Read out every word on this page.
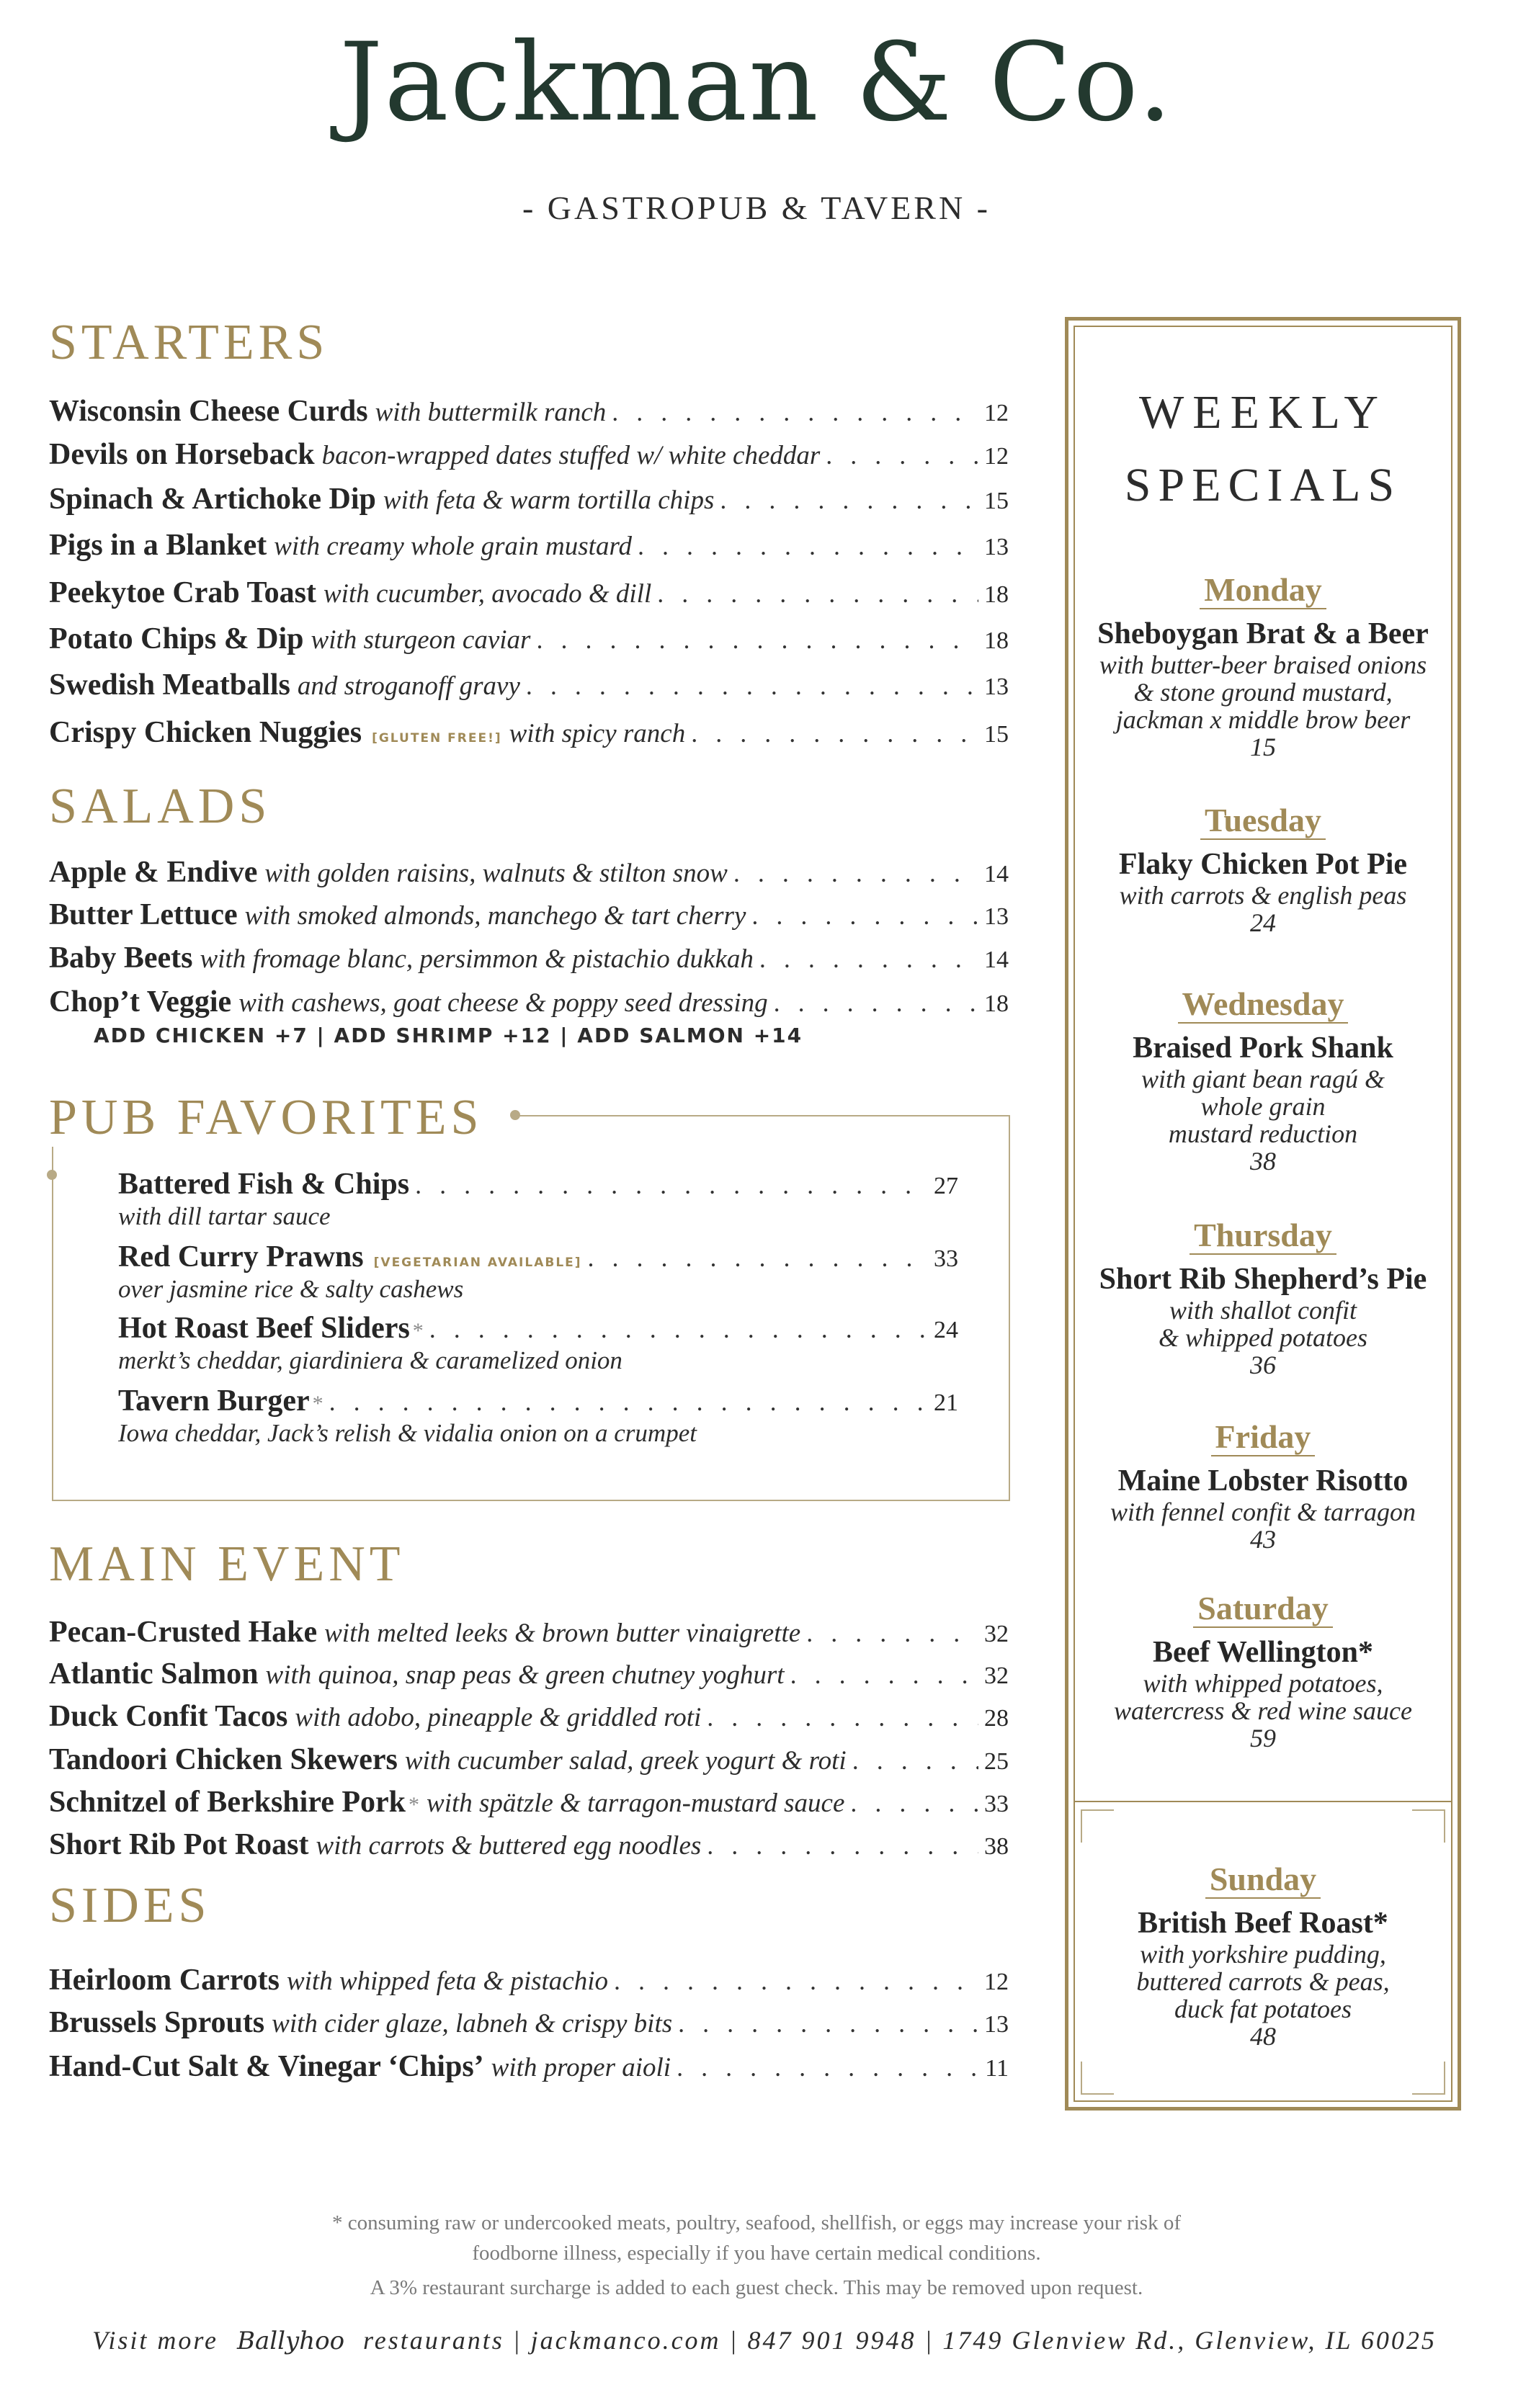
Jackman & Co.
- GASTROPUB & TAVERN -
STARTERS
Wisconsin Cheese Curds with buttermilk ranch . . .	12
Devils on Horseback bacon-wrapped dates stuffed w/ white cheddar . . .	12
Spinach & Artichoke Dip with feta & warm tortilla chips . . .	15
Pigs in a Blanket with creamy whole grain mustard . . .	13
Peekytoe Crab Toast with cucumber, avocado & dill . . .	18
Potato Chips & Dip with sturgeon caviar . . .	18
Swedish Meatballs and stroganoff gravy . . .	13
Crispy Chicken Nuggies [GLUTEN FREE!] with spicy ranch . . .	15
SALADS
Apple & Endive with golden raisins, walnuts & stilton snow . . .	14
Butter Lettuce with smoked almonds, manchego & tart cherry . . .	13
Baby Beets with fromage blanc, persimmon & pistachio dukkah . . .	14
Chop’t Veggie with cashews, goat cheese & poppy seed dressing . . .	18
ADD CHICKEN +7 | ADD SHRIMP +12 | ADD SALMON +14
PUB FAVORITES
Battered Fish & Chips . . .	27
with dill tartar sauce
Red Curry Prawns [VEGETARIAN AVAILABLE] . . .	33
over jasmine rice & salty cashews
Hot Roast Beef Sliders * . . .	24
merkt’s cheddar, giardiniera & caramelized onion
Tavern Burger * . . .	21
Iowa cheddar, Jack’s relish & vidalia onion on a crumpet
MAIN EVENT
Pecan-Crusted Hake with melted leeks & brown butter vinaigrette . . .	32
Atlantic Salmon with quinoa, snap peas & green chutney yoghurt . . .	32
Duck Confit Tacos with adobo, pineapple & griddled roti . . .	28
Tandoori Chicken Skewers with cucumber salad, greek yogurt & roti . . .	25
Schnitzel of Berkshire Pork * with spätzle & tarragon-mustard sauce . . .	33
Short Rib Pot Roast with carrots & buttered egg noodles . . .	38
SIDES
Heirloom Carrots with whipped feta & pistachio . . .	12
Brussels Sprouts with cider glaze, labneh & crispy bits . . .	13
Hand-Cut Salt & Vinegar ‘Chips’ with proper aioli . . .	11
WEEKLY
SPECIALS
Monday
Sheboygan Brat & a Beer
with butter-beer braised onions
& stone ground mustard,
jackman x middle brow beer
15
Tuesday
Flaky Chicken Pot Pie
with carrots & english peas
24
Wednesday
Braised Pork Shank
with giant bean ragú &
whole grain
mustard reduction
38
Thursday
Short Rib Shepherd’s Pie
with shallot confit
& whipped potatoes
36
Friday
Maine Lobster Risotto
with fennel confit & tarragon
43
Saturday
Beef Wellington*
with whipped potatoes,
watercress & red wine sauce
59
Sunday
British Beef Roast*
with yorkshire pudding,
buttered carrots & peas,
duck fat potatoes
48
* consuming raw or undercooked meats, poultry, seafood, shellfish, or eggs may increase your risk of
foodborne illness, especially if you have certain medical conditions.
A 3% restaurant surcharge is added to each guest check. This may be removed upon request.
Visit more Ballyhoo restaurants | jackmanco.com | 847 901 9948 | 1749 Glenview Rd., Glenview, IL 60025
